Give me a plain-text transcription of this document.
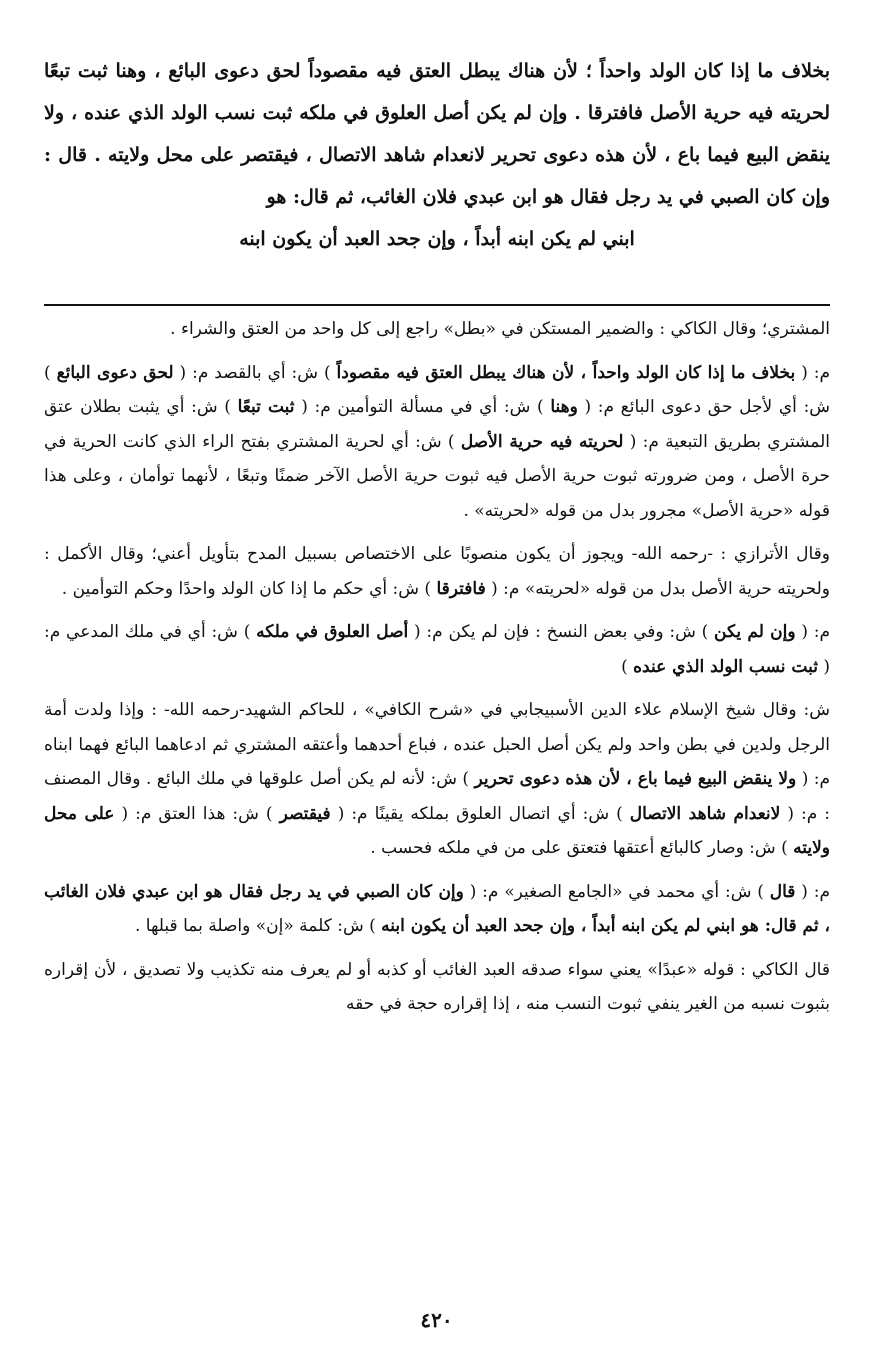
بخلاف ما إذا كان الولد واحداً ؛ لأن هناك يبطل العتق فيه مقصوداً لحق دعوى البائع ، وهنا ثبت تبعًا لحريته فيه حرية الأصل فافترقا . وإن لم يكن أصل العلوق في ملكه ثبت نسب الولد الذي عنده ، ولا ينقض البيع فيما باع ، لأن هذه دعوى تحرير لانعدام شاهد الاتصال ، فيقتصر على محل ولايته . قال : وإن كان الصبي في يد رجل فقال هو ابن عبدي فلان الغائب، ثم قال: هو
ابني لم يكن ابنه أبداً ، وإن جحد العبد أن يكون ابنه

المشتري؛ وقال الكاكي : والضمير المستكن في «بطل» راجع إلى كل واحد من العتق والشراء .

م: ( بخلاف ما إذا كان الولد واحداً ، لأن هناك يبطل العتق فيه مقصوداً ) ش: أي بالقصد م: ( لحق دعوى البائع ) ش: أي لأجل حق دعوى البائع م: ( وهنا ) ش: أي في مسألة التوأمين م: ( ثبت تبعًا ) ش: أي يثبت بطلان عتق المشتري بطريق التبعية م: ( لحريته فيه حرية الأصل ) ش: أي لحرية المشتري بفتح الراء الذي كانت الحرية في حرة الأصل ، ومن ضرورته ثبوت حرية الأصل فيه ثبوت حرية الأصل الآخر ضمنًا وتبعًا ، لأنهما توأمان ، وعلى هذا قوله «حرية الأصل» مجرور بدل من قوله «لحريته» .

وقال الأترازي : -رحمه الله- ويجوز أن يكون منصوبًا على الاختصاص بسبيل المدح بتأويل أعني؛ وقال الأكمل : ولحريته حرية الأصل بدل من قوله «لحريته» م: ( فافترقا ) ش: أي حكم ما إذا كان الولد واحدًا وحكم التوأمين .

م: ( وإن لم يكن ) ش: وفي بعض النسخ : فإن لم يكن م: ( أصل العلوق في ملكه ) ش: أي في ملك المدعي م: ( ثبت نسب الولد الذي عنده )

ش: وقال شيخ الإسلام علاء الدين الأسبيجابي في «شرح الكافي» ، للحاكم الشهيد-رحمه الله- : وإذا ولدت أمة الرجل ولدين في بطن واحد ولم يكن أصل الحبل عنده ، فباع أحدهما وأعتقه المشتري ثم ادعاهما البائع فهما ابناه م: ( ولا ينقض البيع فيما باع ، لأن هذه دعوى تحرير ) ش: لأنه لم يكن أصل علوقها في ملك البائع . وقال المصنف : م: ( لانعدام شاهد الاتصال ) ش: أي اتصال العلوق بملكه يقينًا م: ( فيقتصر ) ش: هذا العتق م: ( على محل ولايته ) ش: وصار كالبائع أعتقها فتعتق على من في ملكه فحسب .

م: ( قال ) ش: أي محمد في «الجامع الصغير» م: ( وإن كان الصبي في يد رجل فقال هو ابن عبدي فلان الغائب ، ثم قال: هو ابني لم يكن ابنه أبداً ، وإن جحد العبد أن يكون ابنه ) ش: كلمة «إن» واصلة بما قبلها .

قال الكاكي : قوله «عبدًا» يعني سواء صدقه العبد الغائب أو كذبه أو لم يعرف منه تكذيب ولا تصديق ، لأن إقراره بثبوت نسبه من الغير ينفي ثبوت النسب منه ، إذا إقراره حجة في حقه

٤٢٠
